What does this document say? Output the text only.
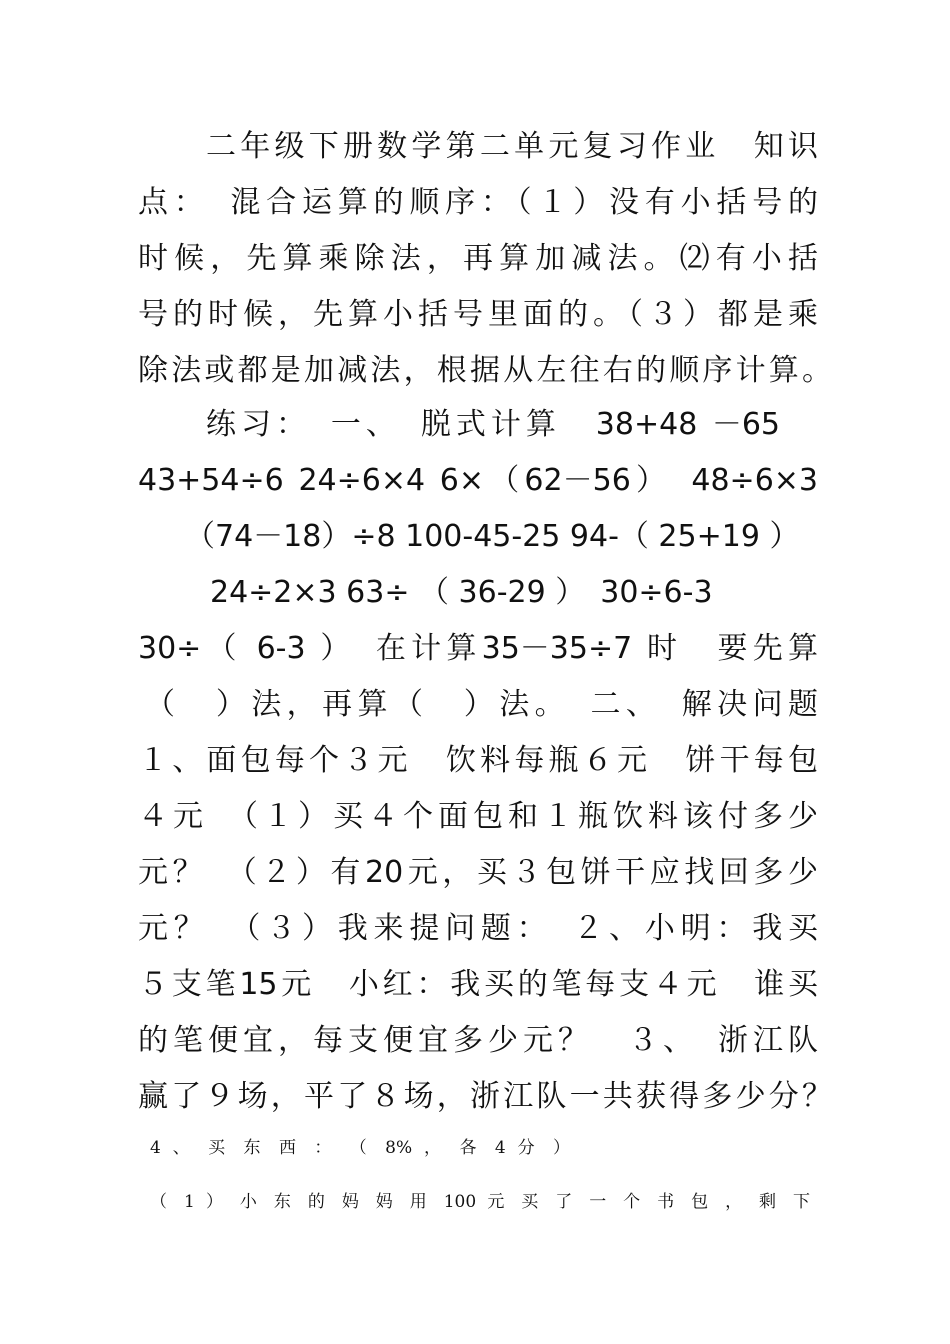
二年级下册数学第二单元复习作业　知识

点：　混合运算的顺序：（１）没有小括号的

时候，先算乘除法，再算加减法。⑵有小括

号的时候，先算小括号里面的。（３）都是乘

除法或都是加减法，根据从左往右的顺序计算。

练习：　一、　脱式计算　38+48 －65

43+54÷6 24÷6×4 6×（62－56）　48÷6×3

（74－18）÷8 100-45-25 94-（ 25+19 ）

24÷2×3 63÷ （ 36-29 ）　30÷6-3

30÷（ 6-3 ）　在计算35－35÷7 时　要先算

（　）法，再算（　）法。　二、　解决问题

１、面包每个３元　饮料每瓶６元　饼干每包

４元　（１）买４个面包和１瓶饮料该付多少

元？　（２）有20元，买３包饼干应找回多少

元？　（３）我来提问题：　２、小明：我买

５支笔15元　小红：我买的笔每支４元　谁买

的笔便宜，每支便宜多少元？　３、　浙江队

赢了９场，平了８场，浙江队一共获得多少分？

4 、 买 东 西 ： （ 8% ， 各 4 分 ）

（ 1 ） 小 东 的 妈 妈 用 100 元 买 了 一 个 书 包 ， 剩 下
